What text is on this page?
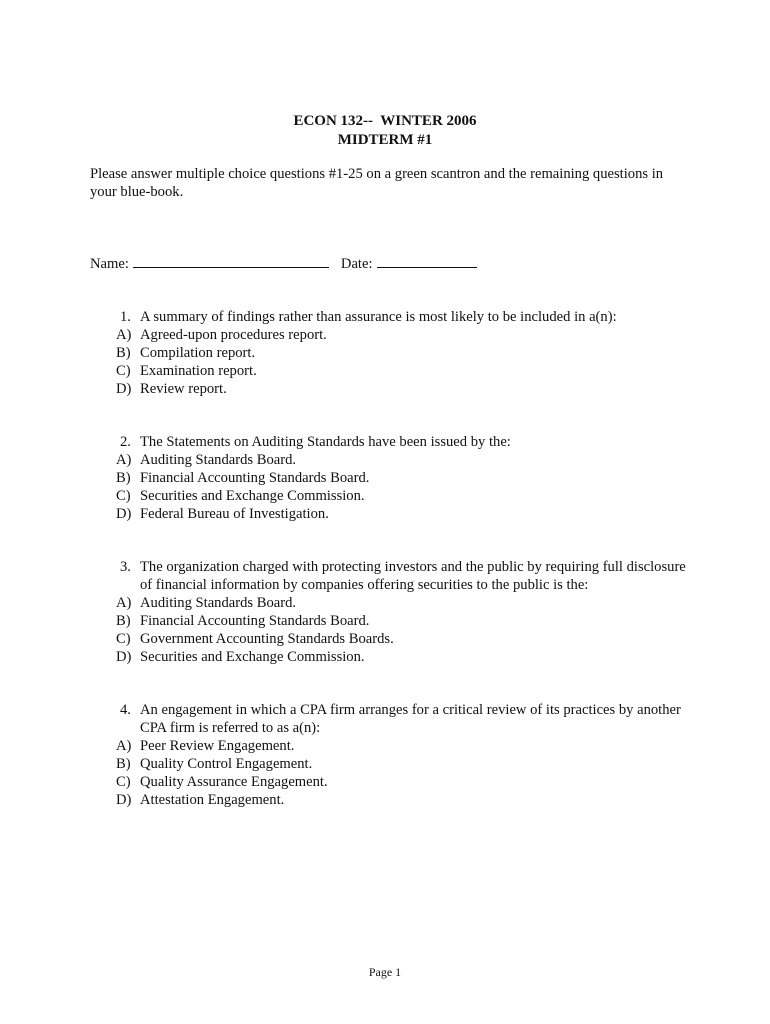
ECON 132--  WINTER 2006
MIDTERM #1
Please answer multiple choice questions #1-25 on a green scantron and the remaining questions in your blue-book.
Name:	Date:
1. A summary of findings rather than assurance is most likely to be included in a(n):
A) Agreed-upon procedures report.
B) Compilation report.
C) Examination report.
D) Review report.
2. The Statements on Auditing Standards have been issued by the:
A) Auditing Standards Board.
B) Financial Accounting Standards Board.
C) Securities and Exchange Commission.
D) Federal Bureau of Investigation.
3. The organization charged with protecting investors and the public by requiring full disclosure of financial information by companies offering securities to the public is the:
A) Auditing Standards Board.
B) Financial Accounting Standards Board.
C) Government Accounting Standards Boards.
D) Securities and Exchange Commission.
4. An engagement in which a CPA firm arranges for a critical review of its practices by another CPA firm is referred to as a(n):
A) Peer Review Engagement.
B) Quality Control Engagement.
C) Quality Assurance Engagement.
D) Attestation Engagement.
Page 1
